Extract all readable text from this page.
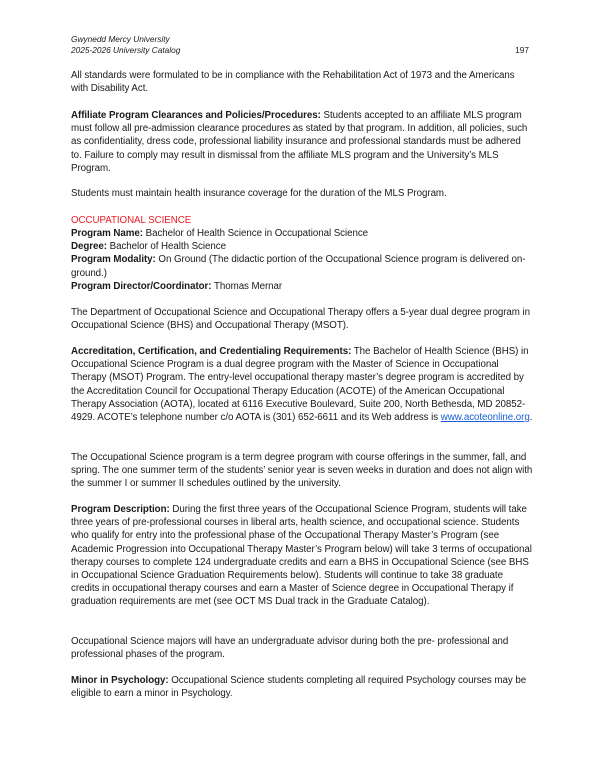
Gwynedd Mercy University
2025-2026 University Catalog	197
All standards were formulated to be in compliance with the Rehabilitation Act of 1973 and the Americans with Disability Act.
Affiliate Program Clearances and Policies/Procedures: Students accepted to an affiliate MLS program must follow all pre-admission clearance procedures as stated by that program. In addition, all policies, such as confidentiality, dress code, professional liability insurance and professional standards must be adhered to. Failure to comply may result in dismissal from the affiliate MLS program and the University’s MLS Program.
Students must maintain health insurance coverage for the duration of the MLS Program.
OCCUPATIONAL SCIENCE
Program Name: Bachelor of Health Science in Occupational Science
Degree: Bachelor of Health Science
Program Modality: On Ground (The didactic portion of the Occupational Science program is delivered on-ground.)
Program Director/Coordinator: Thomas Mernar
The Department of Occupational Science and Occupational Therapy offers a 5-year dual degree program in Occupational Science (BHS) and Occupational Therapy (MSOT).
Accreditation, Certification, and Credentialing Requirements: The Bachelor of Health Science (BHS) in Occupational Science Program is a dual degree program with the Master of Science in Occupational Therapy (MSOT) Program. The entry-level occupational therapy master’s degree program is accredited by the Accreditation Council for Occupational Therapy Education (ACOTE) of the American Occupational Therapy Association (AOTA), located at 6116 Executive Boulevard, Suite 200, North Bethesda, MD 20852- 4929. ACOTE’s telephone number c/o AOTA is (301) 652-6611 and its Web address is www.acoteonline.org.
The Occupational Science program is a term degree program with course offerings in the summer, fall, and spring. The one summer term of the students’ senior year is seven weeks in duration and does not align with the summer I or summer II schedules outlined by the university.
Program Description: During the first three years of the Occupational Science Program, students will take three years of pre-professional courses in liberal arts, health science, and occupational science. Students who qualify for entry into the professional phase of the Occupational Therapy Master’s Program (see Academic Progression into Occupational Therapy Master’s Program below) will take 3 terms of occupational therapy courses to complete 124 undergraduate credits and earn a BHS in Occupational Science (see BHS in Occupational Science Graduation Requirements below). Students will continue to take 38 graduate credits in occupational therapy courses and earn a Master of Science degree in Occupational Therapy if graduation requirements are met (see OCT MS Dual track in the Graduate Catalog).
Occupational Science majors will have an undergraduate advisor during both the pre- professional and professional phases of the program.
Minor in Psychology: Occupational Science students completing all required Psychology courses may be eligible to earn a minor in Psychology.
